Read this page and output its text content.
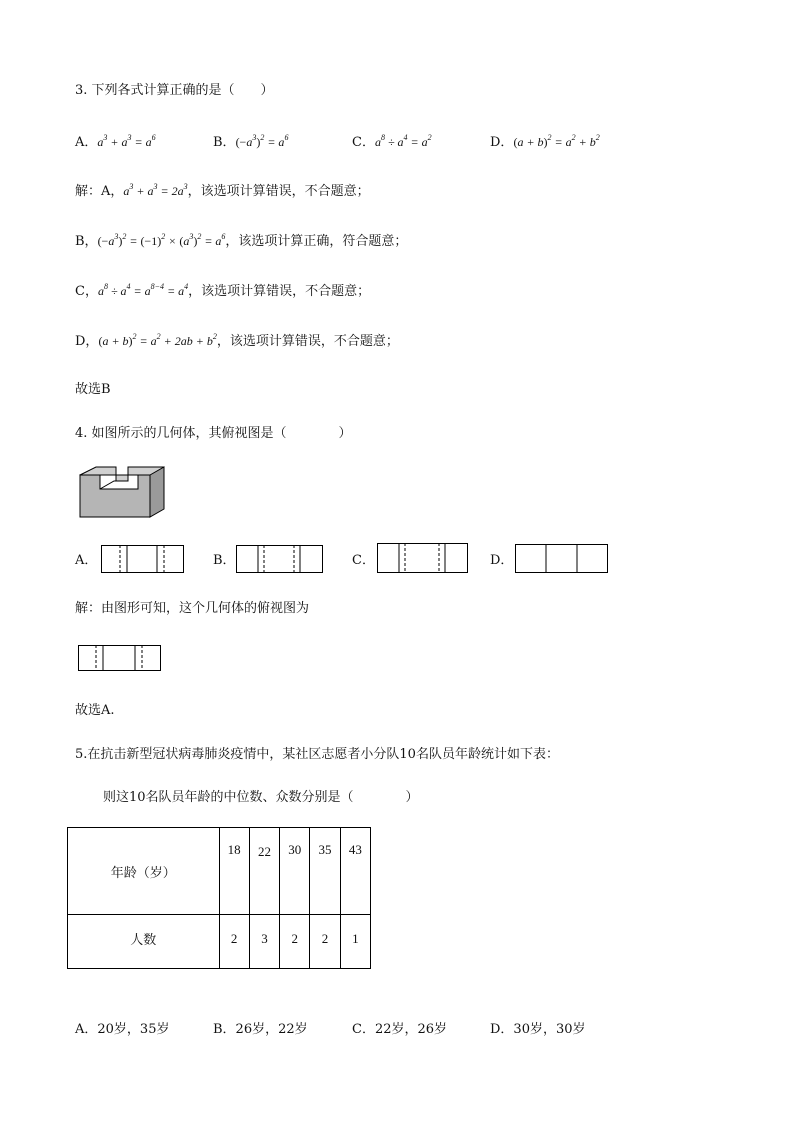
3. 下列各式计算正确的是（　　）
A．$a^3 + a^3 = a^6$	B．$(-a^3)^2 = a^6$	C．$a^8 \div a^4 = a^2$	D．$(a + b)^2 = a^2 + b^2$
解：A，$a^3 + a^3 = 2a^3$，该选项计算错误，不合题意；
B，$(-a^3)^2 = (-1)^2 \times (a^3)^2 = a^6$，该选项计算正确，符合题意；
C，$a^8 \div a^4 = a^{8-4} = a^4$，该选项计算错误，不合题意；
D，$(a + b)^2 = a^2 + 2ab + b^2$，该选项计算错误，不合题意；
故选B
4. 如图所示的几何体，其俯视图是（　　　　）
A．	B．	C．	D．
解：由图形可知，这个几何体的俯视图为
故选A.
5.在抗击新型冠状病毒肺炎疫情中，某社区志愿者小分队10名队员年龄统计如下表：
则这10名队员年龄的中位数、众数分别是（　　　　）
年龄（岁）	18	22	30	35	43
人数	2	3	2	2	1
A．20岁，35岁	B．26岁，22岁	C．22岁，26岁	D．30岁，30岁
